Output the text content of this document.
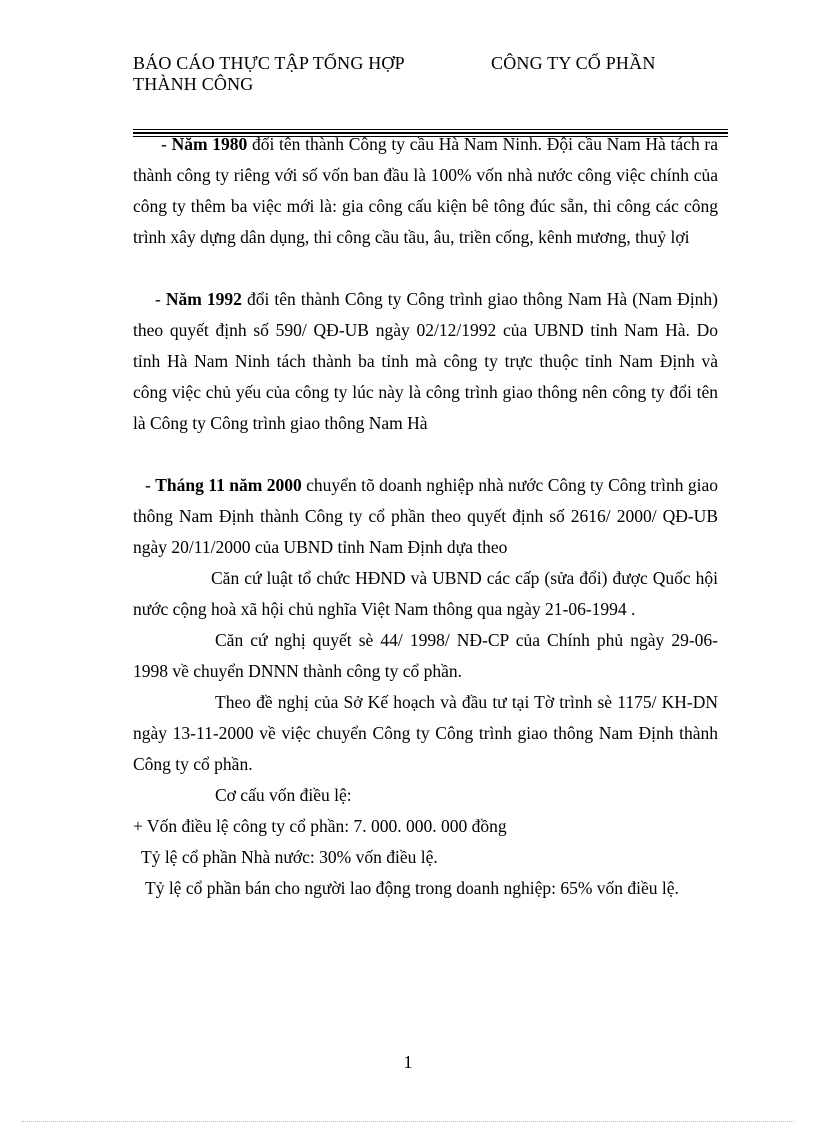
BÁO CÁO THỰC TẬP TỔNG HỢP	CÔNG TY CỔ PHẦN
THÀNH CÔNG

- Năm 1980 đổi tên thành Công ty cầu Hà Nam Ninh. Đội cầu Nam Hà tách ra thành công ty riêng với số vốn ban đầu là 100% vốn nhà nước công việc chính của công ty thêm ba việc mới là: gia công cấu kiện bê tông đúc sẵn, thi công các công trình xây dựng dân dụng, thi công cầu tầu, âu, triền cống, kênh mương, thuỷ lợi

- Năm 1992 đổi tên thành Công ty Công trình giao thông Nam Hà (Nam Định) theo quyết định số 590/ QĐ-UB ngày 02/12/1992 của UBND tỉnh Nam Hà. Do tỉnh Hà Nam Ninh tách thành ba tỉnh mà công ty trực thuộc tỉnh Nam Định và công việc chủ yếu của công ty lúc này là công trình giao thông nên công ty đổi tên là Công ty Công trình giao thông Nam Hà

- Tháng 11 năm 2000 chuyển tõ doanh nghiệp nhà nước Công ty Công trình giao thông Nam Định thành Công ty cổ phần theo quyết định số 2616/ 2000/ QĐ-UB ngày 20/11/2000 của UBND tỉnh Nam Định dựa theo

Căn cứ luật tổ chức HĐND và UBND các cấp (sửa đổi) được Quốc hội nước cộng hoà xã hội chủ nghĩa Việt Nam thông qua ngày 21-06-1994 .

Căn cứ nghị quyết sè 44/ 1998/ NĐ-CP của Chính phủ ngày 29-06-1998 về chuyển DNNN thành công ty cổ phần.

Theo đề nghị của Sở Kế hoạch và đầu tư tại Tờ trình sè 1175/ KH-DN ngày 13-11-2000 về việc chuyển Công ty Công trình giao thông Nam Định thành Công ty cổ phần.

Cơ cấu vốn điều lệ:

+ Vốn điều lệ công ty cổ phần: 7. 000. 000. 000 đồng

Tỷ lệ cổ phần Nhà nước: 30% vốn điều lệ.

Tỷ lệ cổ phần bán cho người lao động trong doanh nghiệp: 65% vốn điều lệ.

1
